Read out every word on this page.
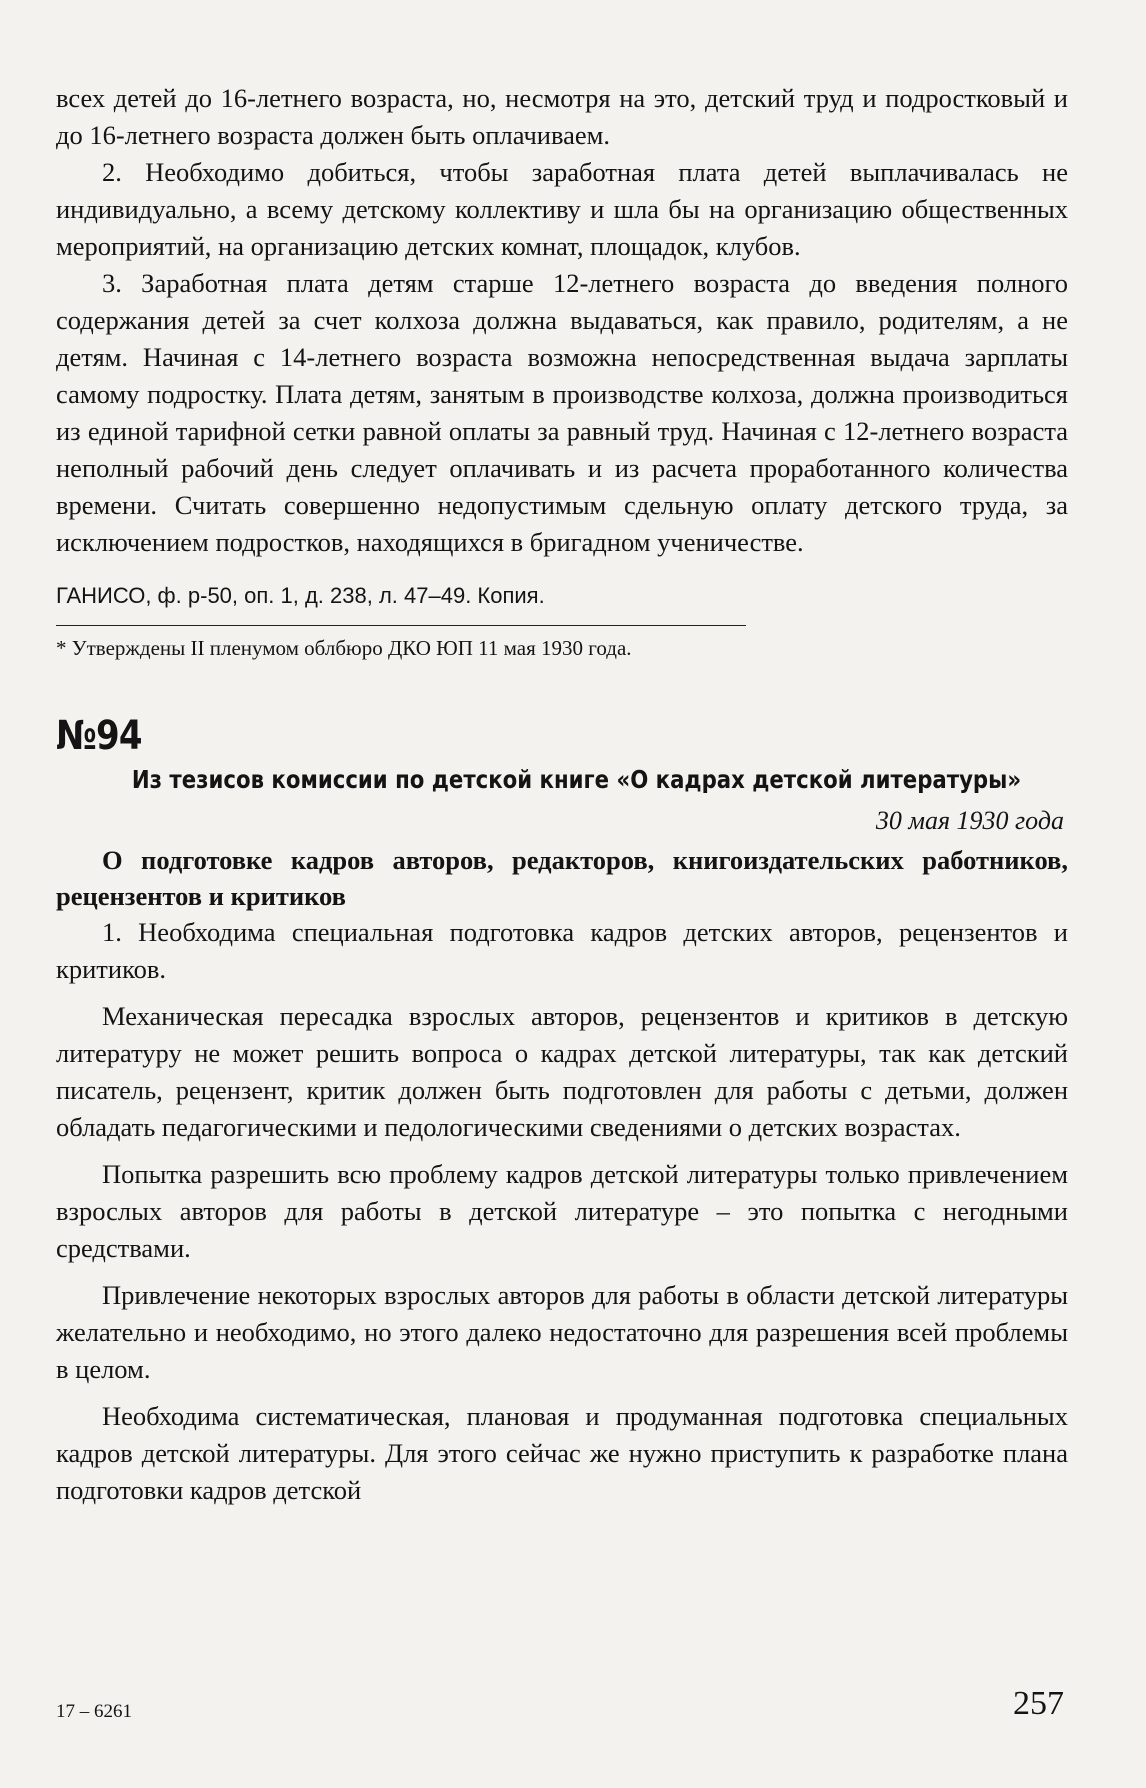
всех детей до 16-летнего возраста, но, несмотря на это, детский труд и подростковый и до 16-летнего возраста должен быть оплачиваем.

2. Необходимо добиться, чтобы заработная плата детей выплачивалась не индивидуально, а всему детскому коллективу и шла бы на организацию общественных мероприятий, на организацию детских комнат, площадок, клубов.

3. Заработная плата детям старше 12-летнего возраста до введения полного содержания детей за счет колхоза должна выдаваться, как правило, родителям, а не детям. Начиная с 14-летнего возраста возможна непосредственная выдача зарплаты самому подростку. Плата детям, занятым в производстве колхоза, должна производиться из единой тарифной сетки равной оплаты за равный труд. Начиная с 12-летнего возраста неполный рабочий день следует оплачивать и из расчета проработанного количества времени. Считать совершенно недопустимым сдельную оплату детского труда, за исключением подростков, находящихся в бригадном ученичестве.

ГАНИСО, ф. р-50, оп. 1, д. 238, л. 47–49. Копия.

* Утверждены II пленумом облбюро ДКО ЮП 11 мая 1930 года.

№94
Из тезисов комиссии по детской книге «О кадрах детской литературы»
30 мая 1930 года

О подготовке кадров авторов, редакторов, книгоиздательских работников, рецензентов и критиков

1. Необходима специальная подготовка кадров детских авторов, рецензентов и критиков.

Механическая пересадка взрослых авторов, рецензентов и критиков в детскую литературу не может решить вопроса о кадрах детской литературы, так как детский писатель, рецензент, критик должен быть подготовлен для работы с детьми, должен обладать педагогическими и педологическими сведениями о детских возрастах.

Попытка разрешить всю проблему кадров детской литературы только привлечением взрослых авторов для работы в детской литературе – это попытка с негодными средствами.

Привлечение некоторых взрослых авторов для работы в области детской литературы желательно и необходимо, но этого далеко недостаточно для разрешения всей проблемы в целом.

Необходима систематическая, плановая и продуманная подготовка специальных кадров детской литературы. Для этого сейчас же нужно приступить к разработке плана подготовки кадров детской

17 – 6261	257
